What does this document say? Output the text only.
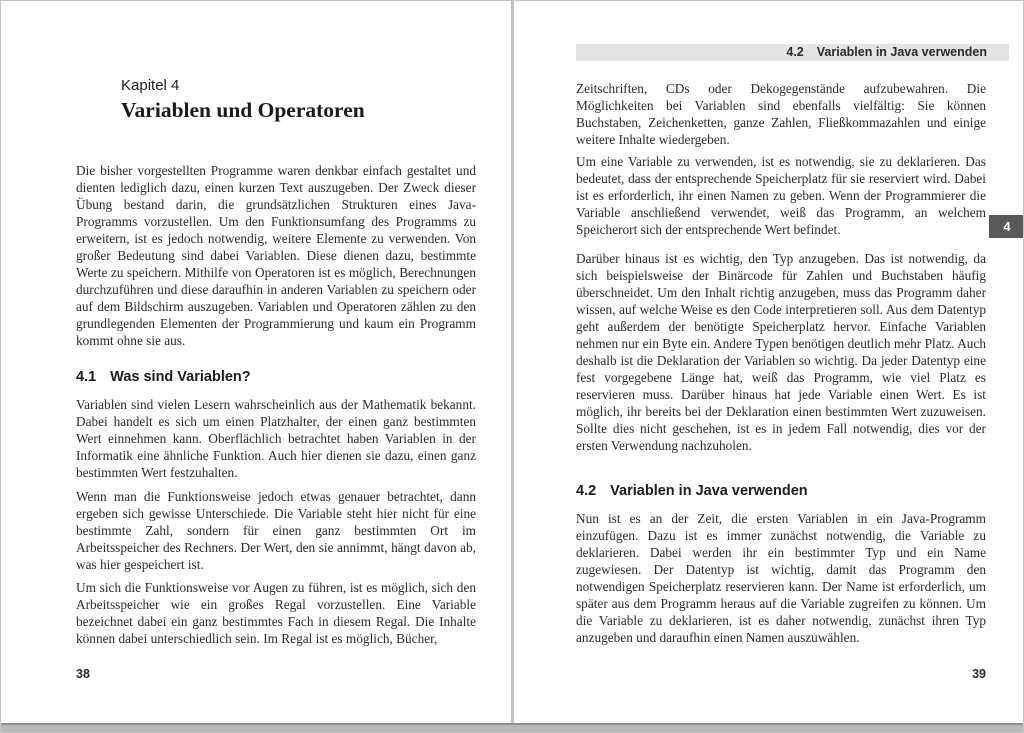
Kapitel 4
Variablen und Operatoren

Die bisher vorgestellten Programme waren denkbar einfach gestaltet und dienten lediglich dazu, einen kurzen Text auszugeben. Der Zweck dieser Übung bestand darin, die grundsätzlichen Strukturen eines Java-Programms vorzustellen. Um den Funktionsumfang des Programms zu erweitern, ist es jedoch notwendig, weitere Elemente zu verwenden. Von großer Bedeutung sind dabei Variablen. Diese dienen dazu, bestimmte Werte zu speichern. Mithilfe von Operatoren ist es möglich, Berechnungen durchzuführen und diese daraufhin in anderen Variablen zu speichern oder auf dem Bildschirm auszugeben. Variablen und Operatoren zählen zu den grundlegenden Elementen der Programmierung und kaum ein Programm kommt ohne sie aus.

4.1 Was sind Variablen?

Variablen sind vielen Lesern wahrscheinlich aus der Mathematik bekannt. Dabei handelt es sich um einen Platzhalter, der einen ganz bestimmten Wert einnehmen kann. Oberflächlich betrachtet haben Variablen in der Informatik eine ähnliche Funktion. Auch hier dienen sie dazu, einen ganz bestimmten Wert festzuhalten.

Wenn man die Funktionsweise jedoch etwas genauer betrachtet, dann ergeben sich gewisse Unterschiede. Die Variable steht hier nicht für eine bestimmte Zahl, sondern für einen ganz bestimmten Ort im Arbeitsspeicher des Rechners. Der Wert, den sie annimmt, hängt davon ab, was hier gespeichert ist.

Um sich die Funktionsweise vor Augen zu führen, ist es möglich, sich den Arbeitsspeicher wie ein großes Regal vorzustellen. Eine Variable bezeichnet dabei ein ganz bestimmtes Fach in diesem Regal. Die Inhalte können dabei unterschiedlich sein. Im Regal ist es möglich, Bücher,

38
4.2 Variablen in Java verwenden

Zeitschriften, CDs oder Dekogegenstände aufzubewahren. Die Möglichkeiten bei Variablen sind ebenfalls vielfältig: Sie können Buchstaben, Zeichenketten, ganze Zahlen, Fließkommazahlen und einige weitere Inhalte wiedergeben.

Um eine Variable zu verwenden, ist es notwendig, sie zu deklarieren. Das bedeutet, dass der entsprechende Speicherplatz für sie reserviert wird. Dabei ist es erforderlich, ihr einen Namen zu geben. Wenn der Programmierer die Variable anschließend verwendet, weiß das Programm, an welchem Speicherort sich der entsprechende Wert befindet.

Darüber hinaus ist es wichtig, den Typ anzugeben. Das ist notwendig, da sich beispielsweise der Binärcode für Zahlen und Buchstaben häufig überschneidet. Um den Inhalt richtig anzugeben, muss das Programm daher wissen, auf welche Weise es den Code interpretieren soll. Aus dem Datentyp geht außerdem der benötigte Speicherplatz hervor. Einfache Variablen nehmen nur ein Byte ein. Andere Typen benötigen deutlich mehr Platz. Auch deshalb ist die Deklaration der Variablen so wichtig. Da jeder Datentyp eine fest vorgegebene Länge hat, weiß das Programm, wie viel Platz es reservieren muss. Darüber hinaus hat jede Variable einen Wert. Es ist möglich, ihr bereits bei der Deklaration einen bestimmten Wert zuzuweisen. Sollte dies nicht geschehen, ist es in jedem Fall notwendig, dies vor der ersten Verwendung nachzuholen.

4.2 Variablen in Java verwenden

Nun ist es an der Zeit, die ersten Variablen in ein Java-Programm einzufügen. Dazu ist es immer zunächst notwendig, die Variable zu deklarieren. Dabei werden ihr ein bestimmter Typ und ein Name zugewiesen. Der Datentyp ist wichtig, damit das Programm den notwendigen Speicherplatz reservieren kann. Der Name ist erforderlich, um später aus dem Programm heraus auf die Variable zugreifen zu können. Um die Variable zu deklarieren, ist es daher notwendig, zunächst ihren Typ anzugeben und daraufhin einen Namen auszuwählen.

39
4
